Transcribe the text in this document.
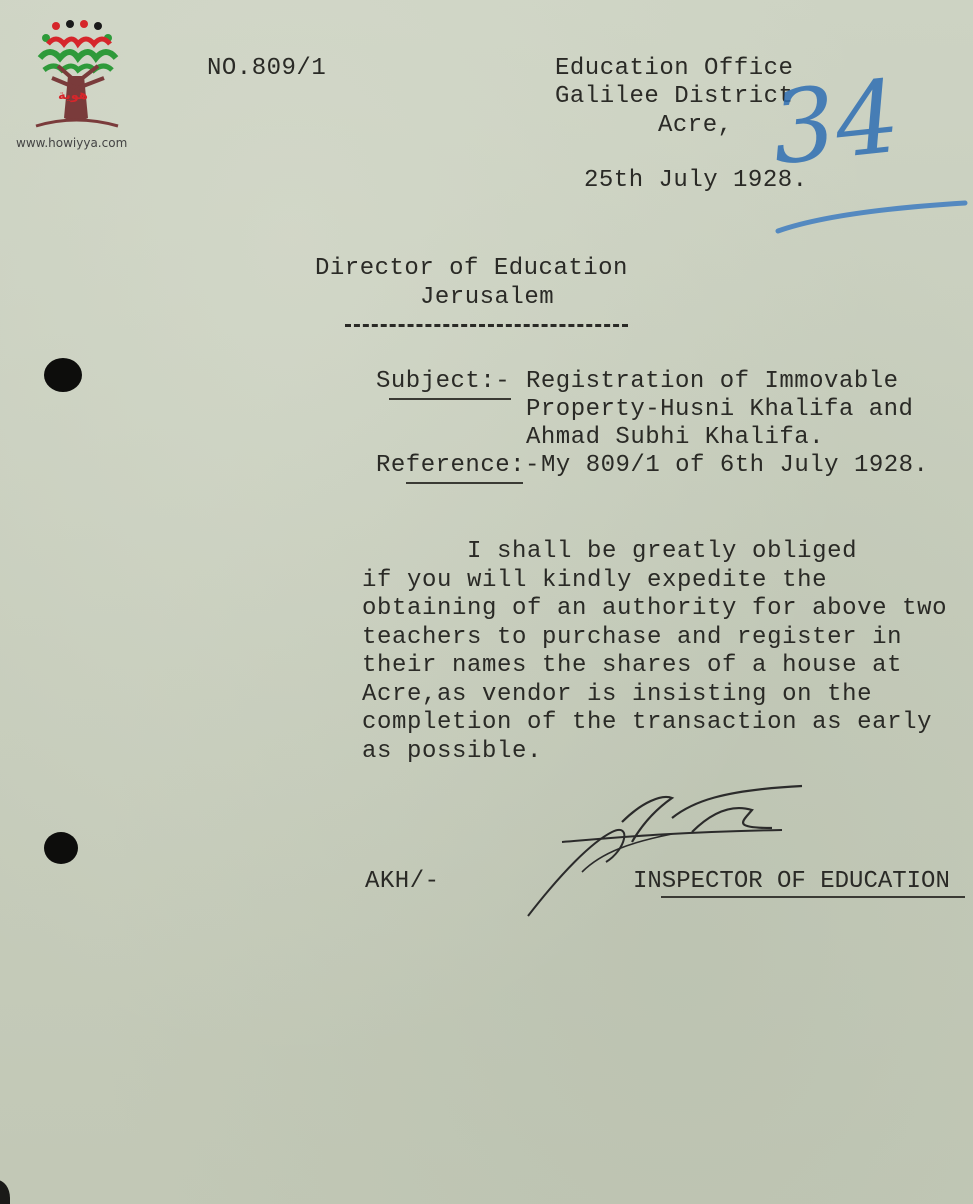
هوية
www.howiyya.com
NO.809/1	Education Office
Galilee District
Acre,
25th July 1928.
34
Director of Education
Jerusalem
Subject:- Registration of Immovable
Property-Husni Khalifa and
Ahmad Subhi Khalifa.
Reference:- My 809/1 of 6th July 1928.
I shall be greatly obliged
if you will kindly expedite the
obtaining of an authority for above two
teachers to purchase and register in
their names the shares of a house at
Acre,as vendor is insisting on the
completion of the transaction as early
as possible.
AKH/-	INSPECTOR OF EDUCATION
